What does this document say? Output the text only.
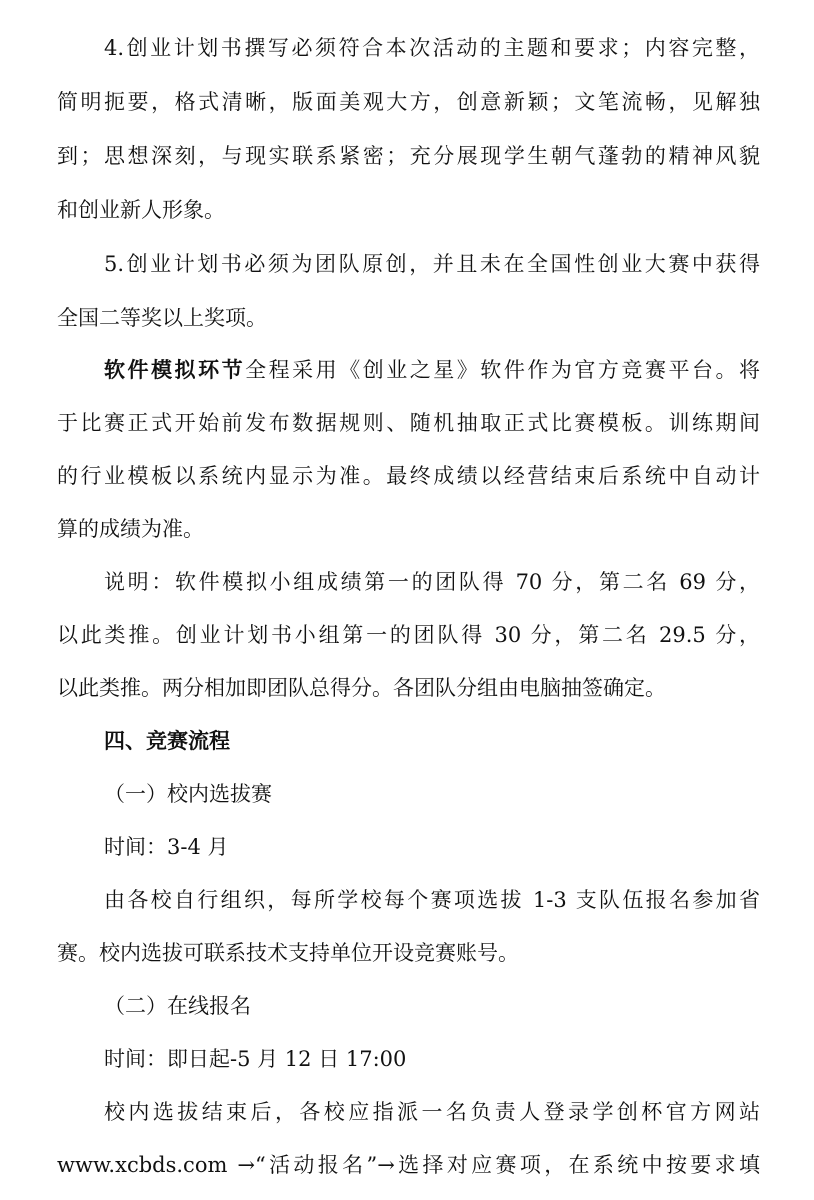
4.创业计划书撰写必须符合本次活动的主题和要求；内容完整，
简明扼要，格式清晰，版面美观大方，创意新颖；文笔流畅，见解独
到；思想深刻，与现实联系紧密；充分展现学生朝气蓬勃的精神风貌
和创业新人形象。
5.创业计划书必须为团队原创，并且未在全国性创业大赛中获得
全国二等奖以上奖项。
软件模拟环节全程采用《创业之星》软件作为官方竞赛平台。将
于比赛正式开始前发布数据规则、随机抽取正式比赛模板。训练期间
的行业模板以系统内显示为准。最终成绩以经营结束后系统中自动计
算的成绩为准。
说明：软件模拟小组成绩第一的团队得 70 分，第二名 69 分，
以此类推。创业计划书小组第一的团队得 30 分，第二名 29.5 分，
以此类推。两分相加即团队总得分。各团队分组由电脑抽签确定。
四、竞赛流程
（一）校内选拔赛
时间：3-4 月
由各校自行组织，每所学校每个赛项选拔 1-3 支队伍报名参加省
赛。校内选拔可联系技术支持单位开设竞赛账号。
（二）在线报名
时间：即日起-5 月 12 日 17:00
校内选拔结束后，各校应指派一名负责人登录学创杯官方网站
www.xcbds.com →“活动报名”→选择对应赛项，在系统中按要求填
